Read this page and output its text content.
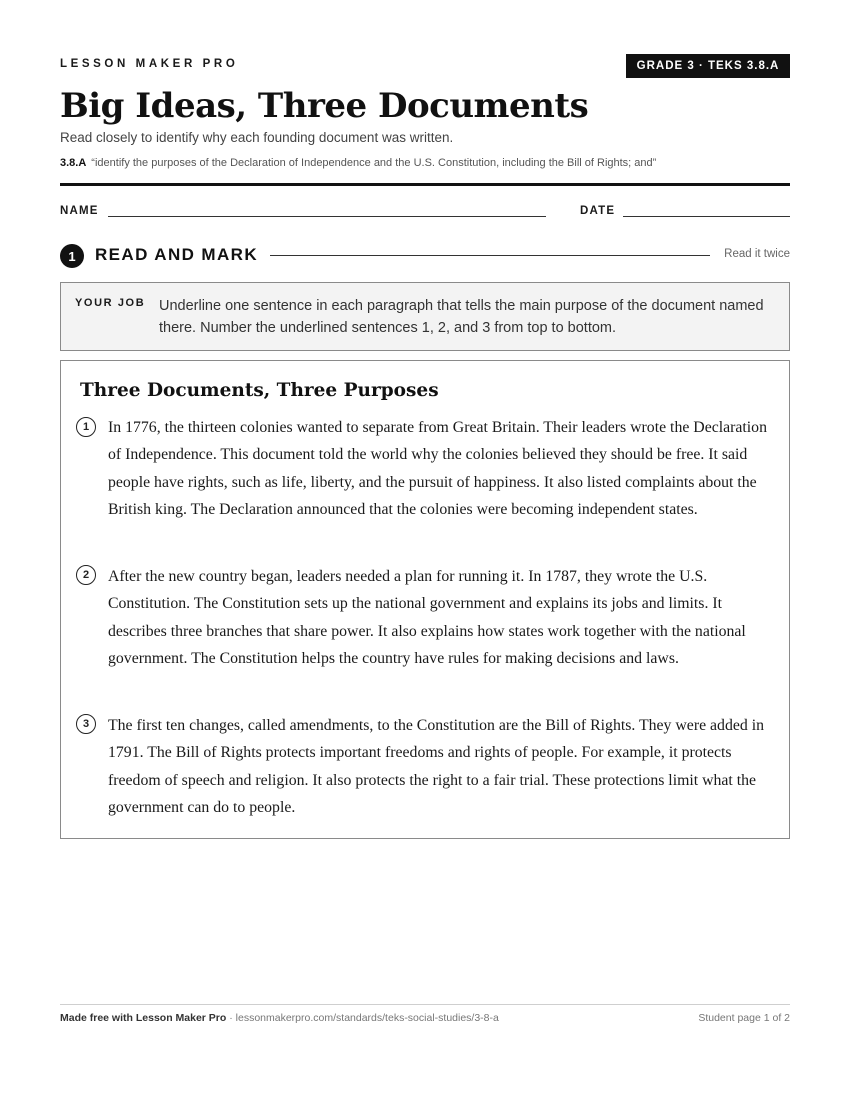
LESSON MAKER PRO	GRADE 3 · TEKS 3.8.A
Big Ideas, Three Documents

Read closely to identify why each founding document was written.

3.8.A “identify the purposes of the Declaration of Independence and the U.S. Constitution, including the Bill of Rights; and”

NAME	DATE
1	READ AND MARK	Read it twice
YOUR JOB Underline one sentence in each paragraph that tells the main purpose of the document named there. Number the underlined sentences 1, 2, and 3 from top to bottom.

Three Documents, Three Purposes
1	In 1776, the thirteen colonies wanted to separate from Great Britain. Their leaders wrote the Declaration of Independence. This document told the world why the colonies believed they should be free. It said people have rights, such as life, liberty, and the pursuit of happiness. It also listed complaints about the British king. The Declaration announced that the colonies were becoming independent states.

2	After the new country began, leaders needed a plan for running it. In 1787, they wrote the U.S. Constitution. The Constitution sets up the national government and explains its jobs and limits. It describes three branches that share power. It also explains how states work together with the national government. The Constitution helps the country have rules for making decisions and laws.

3	The first ten changes, called amendments, to the Constitution are the Bill of Rights. They were added in 1791. The Bill of Rights protects important freedoms and rights of people. For example, it protects freedom of speech and religion. It also protects the right to a fair trial. These protections limit what the government can do to people.

Made free with Lesson Maker Pro · lessonmakerpro.com/standards/teks-social-studies/3-8-a	Student page 1 of 2
